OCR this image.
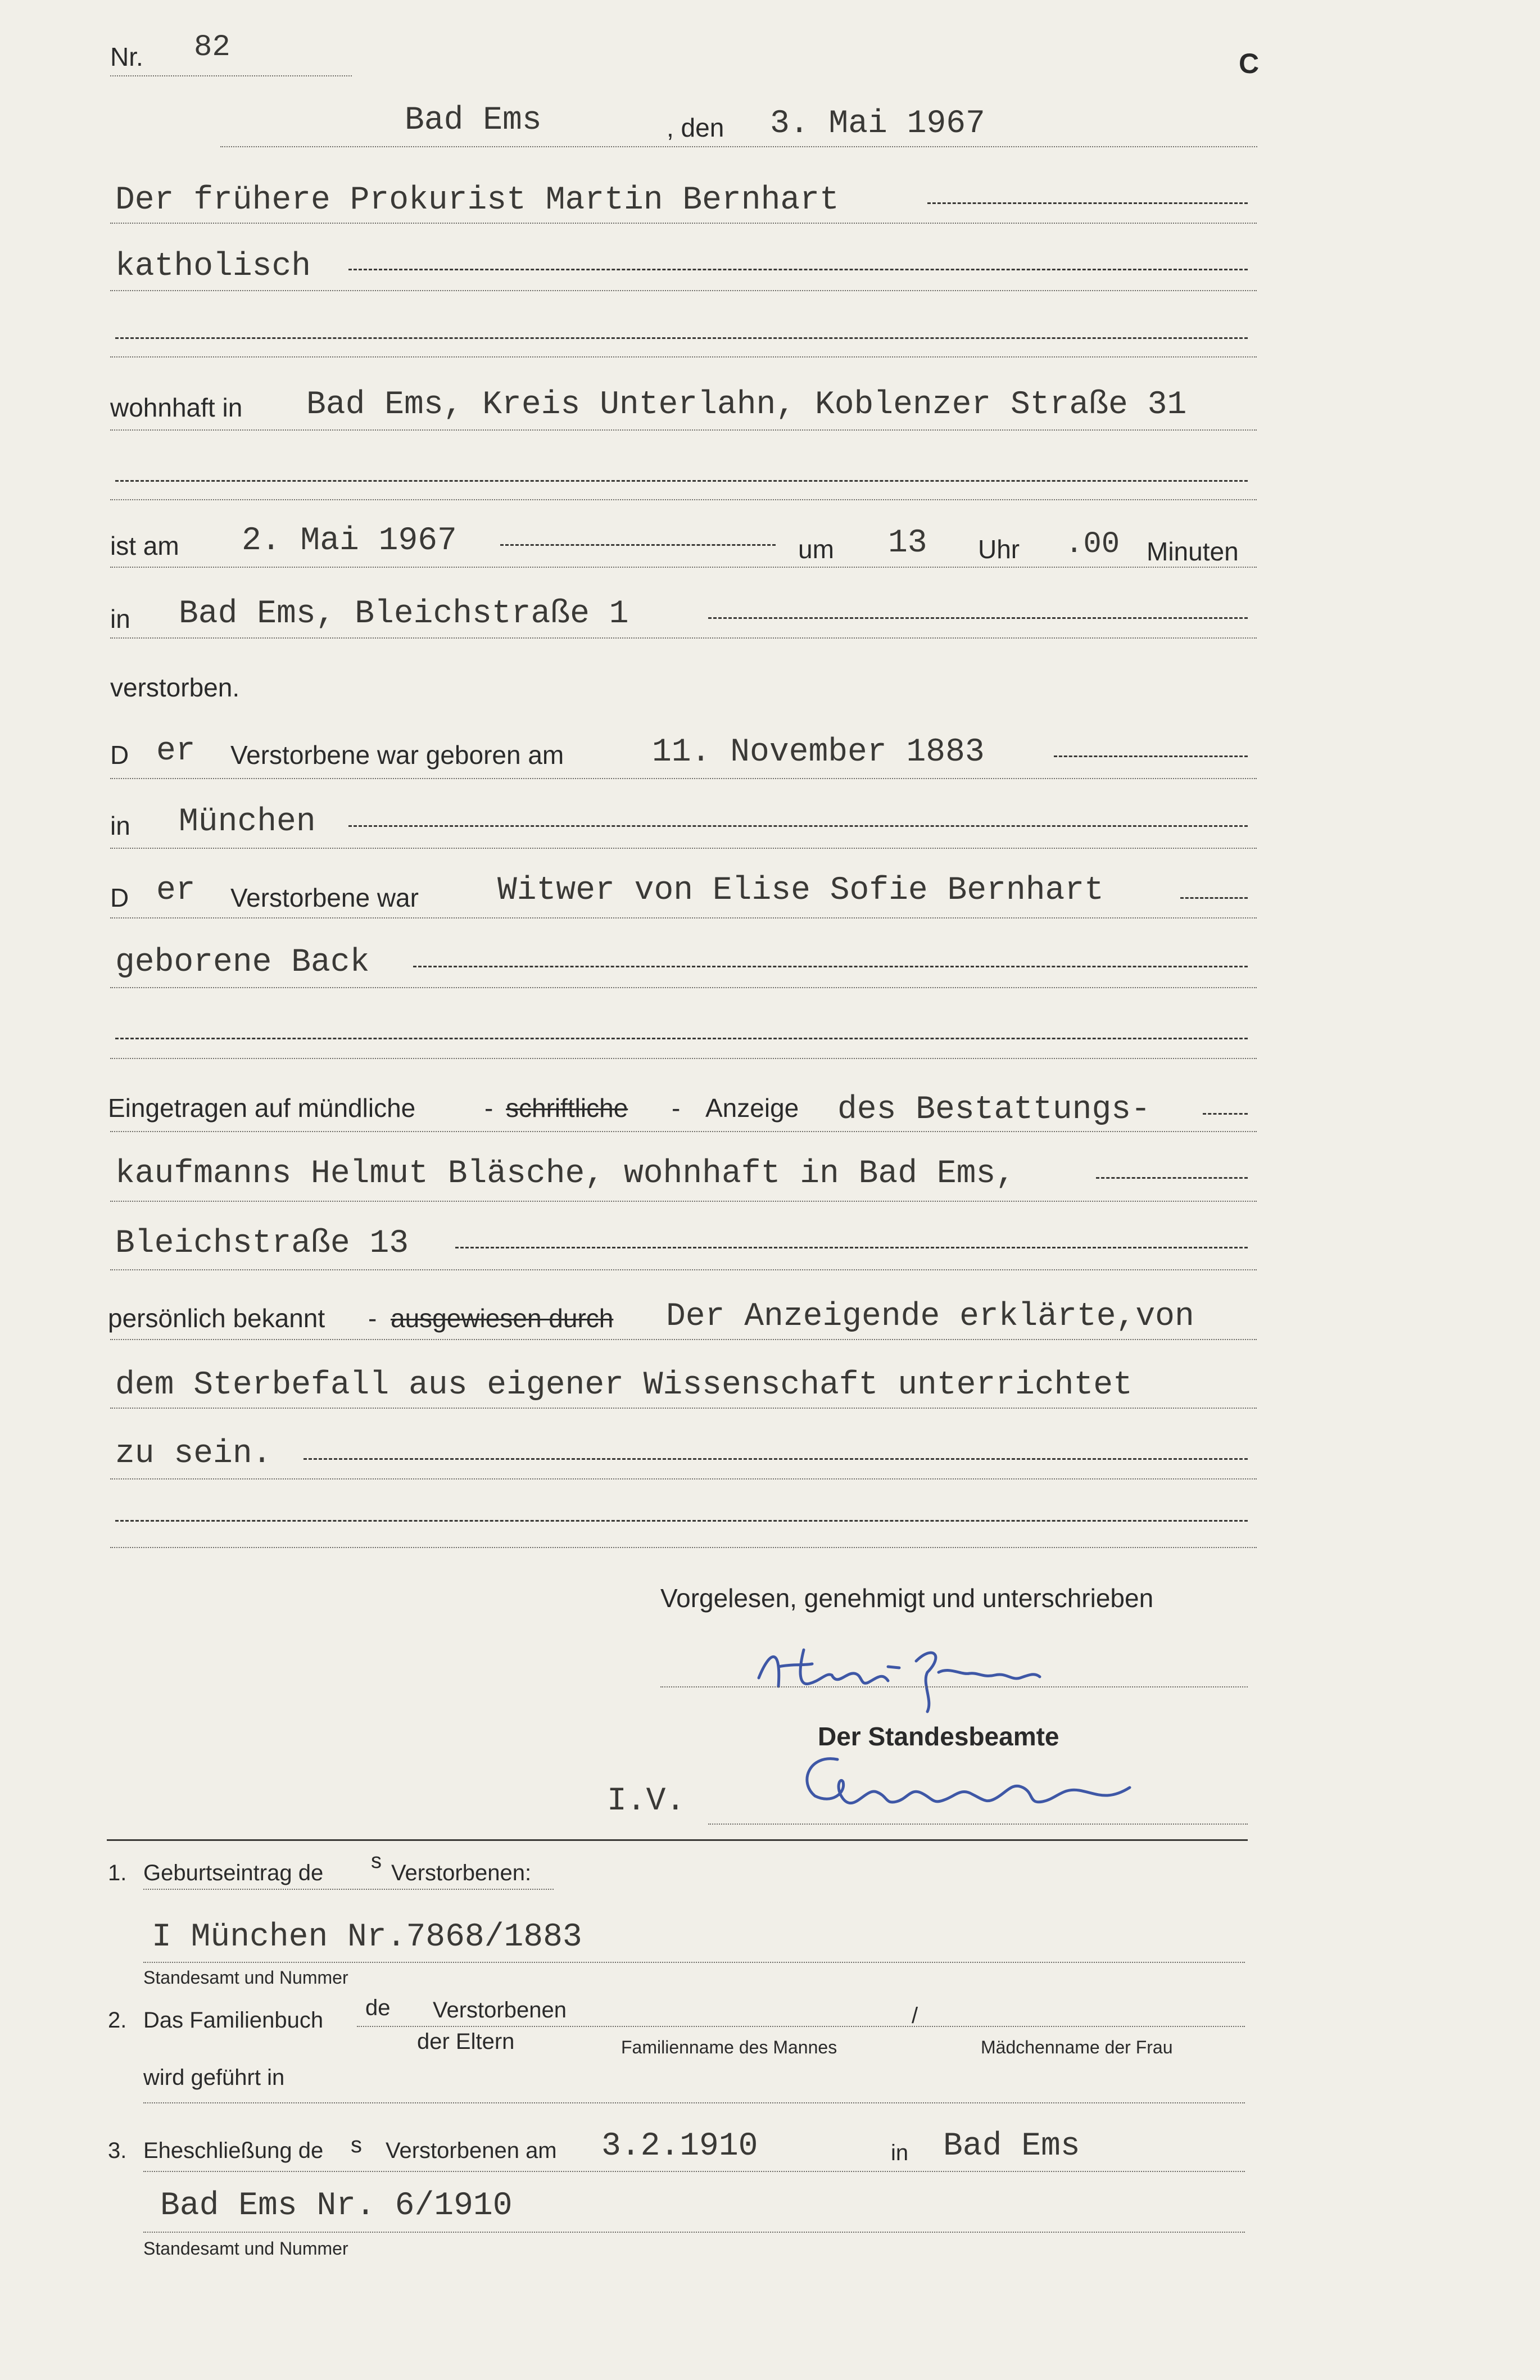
Nr. 82	C
Bad Ems	, den 3. Mai 1967
Der frühere Prokurist Martin Bernhart
katholisch
wohnhaft in Bad Ems, Kreis Unterlahn, Koblenzer Straße 31
ist am 2. Mai 1967	um 13 Uhr .00 Minuten
in Bad Ems, Bleichstraße 1
verstorben.
D er Verstorbene war geboren am	11. November 1883
in München
D er Verstorbene war Witwer von Elise Sofie Bernhart
geborene Back
Eingetragen auf mündliche	- schriftliche - Anzeige des Bestattungs-
kaufmanns Helmut Bläsche, wohnhaft in Bad Ems,
Bleichstraße 13
persönlich bekannt - ausgewiesen durch Der Anzeigende erklärte,von
dem Sterbefall aus eigener Wissenschaft unterrichtet
zu sein.
Vorgelesen, genehmigt und unterschrieben
Der Standesbeamte
I.V.
1. Geburtseintrag de s Verstorbenen:
I München Nr.7868/1883
Standesamt und Nummer
2. Das Familienbuch de Verstorbenen	/
der Eltern	Familienname des Mannes	Mädchenname der Frau
wird geführt in
3. Eheschließung de s Verstorbenen am 3.2.1910	in Bad Ems
Bad Ems Nr. 6/1910
Standesamt und Nummer
